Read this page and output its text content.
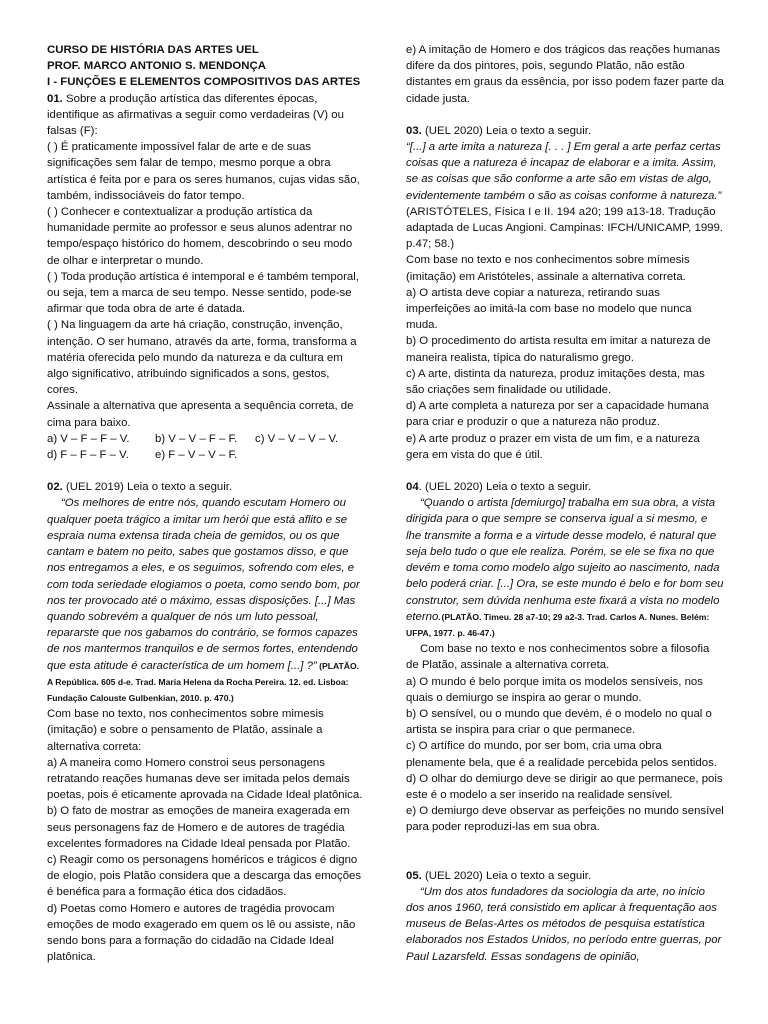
CURSO DE HISTÓRIA DAS ARTES UEL

PROF. MARCO ANTONIO S. MENDONÇA

I - FUNÇÕES E ELEMENTOS COMPOSITIVOS DAS ARTES

01. Sobre a produção artística das diferentes épocas, identifique as afirmativas a seguir como verdadeiras (V) ou falsas (F):

( ) É praticamente impossível falar de arte e de suas significações sem falar de tempo, mesmo porque a obra artística é feita por e para os seres humanos, cujas vidas são, também, indissociáveis do fator tempo.

( ) Conhecer e contextualizar a produção artística da humanidade permite ao professor e seus alunos adentrar no tempo/espaço histórico do homem, descobrindo o seu modo de olhar e interpretar o mundo.

( ) Toda produção artística é intemporal e é também temporal, ou seja, tem a marca de seu tempo. Nesse sentido, pode-se afirmar que toda obra de arte é datada.

( ) Na linguagem da arte há criação, construção, invenção, intenção. O ser humano, através da arte, forma, transforma a matéria oferecida pelo mundo da natureza e da cultura em algo significativo, atribuindo significados a sons, gestos, cores.

Assinale a alternativa que apresenta a sequência correta, de cima para baixo.

a) V – F – F – V.	b) V – V – F – F.	c) V – V – V – V.
d) F – F – F – V.	e) F – V – V – F.

02. (UEL 2019) Leia o texto a seguir.

“Os melhores de entre nós, quando escutam Homero ou qualquer poeta trágico a imitar um herói que está aflito e se espraia numa extensa tirada cheia de gemidos, ou os que cantam e batem no peito, sabes que gostamos disso, e que nos entregamos a eles, e os seguimos, sofrendo com eles, e com toda seriedade elogiamos o poeta, como sendo bom, por nos ter provocado até o máximo, essas disposições. [...] Mas quando sobrevém a qualquer de nós um luto pessoal, repararste que nos gabamos do contrário, se formos capazes de nos mantermos tranquilos e de sermos fortes, entendendo que esta atitude é característica de um homem [...] ?” (PLATÃO. A República. 605 d-e. Trad. Maria Helena da Rocha Pereira. 12. ed. Lisboa: Fundação Calouste Gulbenkian, 2010. p. 470.)

Com base no texto, nos conhecimentos sobre mimesis (imitação) e sobre o pensamento de Platão, assinale a alternativa correta:

a) A maneira como Homero constroi seus personagens retratando reações humanas deve ser imitada pelos demais poetas, pois é eticamente aprovada na Cidade Ideal platônica.

b) O fato de mostrar as emoções de maneira exagerada em seus personagens faz de Homero e de autores de tragédia excelentes formadores na Cidade Ideal pensada por Platão.

c) Reagir como os personagens homéricos e trágicos é digno de elogio, pois Platão considera que a descarga das emoções é benéfica para a formação ética dos cidadãos.

d) Poetas como Homero e autores de tragédia provocam emoções de modo exagerado em quem os lê ou assiste, não sendo bons para a formação do cidadão na Cidade Ideal platônica.

e) A imitação de Homero e dos trágicos das reações humanas difere da dos pintores, pois, segundo Platão, não estão distantes em graus da essência, por isso podem fazer parte da cidade justa.

03. (UEL 2020) Leia o texto a seguir.

“[...] a arte imita a natureza [. . . ] Em geral a arte perfaz certas coisas que a natureza é incapaz de elaborar e a imita. Assim, se as coisas que são conforme a arte são em vistas de algo, evidentemente também o são as coisas conforme à natureza.” (ARISTÓTELES, Física I e II. 194 a20; 199 a13-18. Tradução adaptada de Lucas Angioni. Campinas: IFCH/UNICAMP, 1999. p.47; 58.)

Com base no texto e nos conhecimentos sobre mímesis (imitação) em Aristóteles, assinale a alternativa correta.

a) O artista deve copiar a natureza, retirando suas imperfeições ao imitá-la com base no modelo que nunca muda.

b) O procedimento do artista resulta em imitar a natureza de maneira realista, típica do naturalismo grego.

c) A arte, distinta da natureza, produz imitações desta, mas são criações sem finalidade ou utilidade.

d) A arte completa a natureza por ser a capacidade humana para criar e produzir o que a natureza não produz.

e) A arte produz o prazer em vista de um fim, e a natureza gera em vista do que é útil.

04. (UEL 2020) Leia o texto a seguir.

“Quando o artista [demiurgo] trabalha em sua obra, a vista dirigida para o que sempre se conserva igual a si mesmo, e lhe transmite a forma e a virtude desse modelo, é natural que seja belo tudo o que ele realiza. Porém, se ele se fixa no que devém e toma como modelo algo sujeito ao nascimento, nada belo poderá criar. [...] Ora, se este mundo é belo e for bom seu construtor, sem dúvida nenhuma este fixará a vista no modelo eterno.(PLATÃO. Timeu. 28 a7-10; 29 a2-3. Trad. Carlos A. Nunes. Belém: UFPA, 1977. p. 46-47.)

Com base no texto e nos conhecimentos sobre a filosofia de Platão, assinale a alternativa correta.

a) O mundo é belo porque imita os modelos sensíveis, nos quais o demiurgo se inspira ao gerar o mundo.

b) O sensível, ou o mundo que devém, é o modelo no qual o artista se inspira para criar o que permanece.

c) O artífice do mundo, por ser bom, cria uma obra plenamente bela, que é a realidade percebida pelos sentidos.

d) O olhar do demiurgo deve se dirigir ao que permanece, pois este é o modelo a ser inserido na realidade sensível.

e) O demiurgo deve observar as perfeições no mundo sensível para poder reproduzi-las em sua obra.

05. (UEL 2020) Leia o texto a seguir.

“Um dos atos fundadores da sociologia da arte, no início dos anos 1960, terá consistido em aplicar à frequentação aos museus de Belas-Artes os métodos de pesquisa estatística elaborados nos Estados Unidos, no período entre guerras, por Paul Lazarsfeld. Essas sondagens de opinião,
